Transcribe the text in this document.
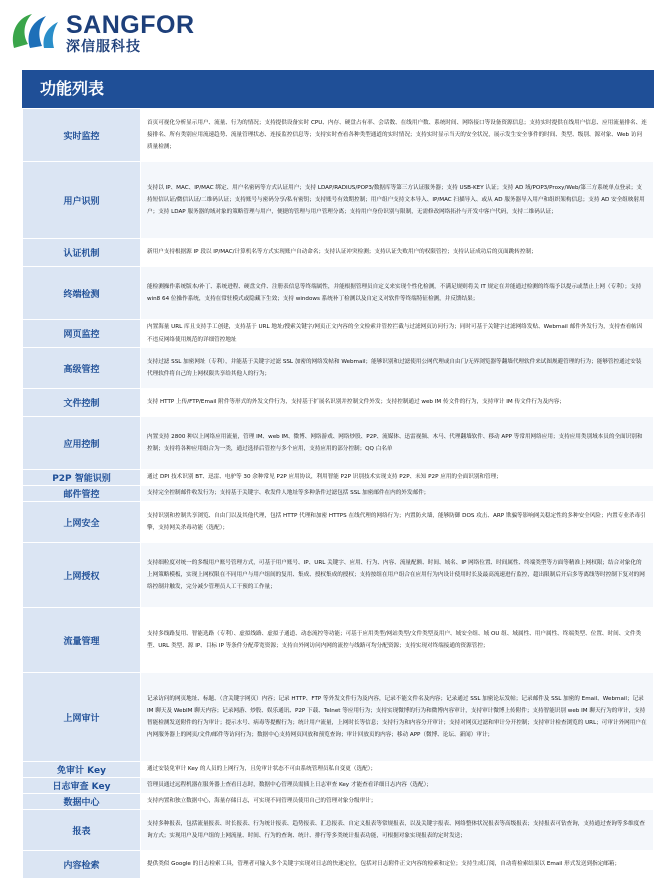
SANGFOR
深信服科技
功能列表
实时监控	首页可视化分析显示用户、流量、行为的情况；支持提供设备实时 CPU、内存、硬盘占有率、会话数、在线用户数、系统时间、网络接口等设备资源信息；支持实时提供在线用户信息、应用流量排名、连接排名、所有类别应用流速趋势、流量管理状态、连接监控信息等；支持实时查看各种类型通道的实时情况；支持实时显示当天的安全状况，展示发生安全事件的时间、类型、级别、源对象、Web 访问质量检测；
用户识别	支持以 IP、MAC、IP/MAC 绑定、用户名密码等方式认证用户；支持 LDAP/RADIUS/POP3/数据库等第三方认证服务器；支持 USB-KEY 认证；支持 AD 域/POP3/Proxy/Web/第三方系统单点登录；支持短信认证/微信认证/二维码认证；支持账号与密码分享/私有密钥；支持账号有效期控制；用户组户支持文本导入、IP/MAC 扫描导入、或从 AD 服务器导入用户和组织架构信息；支持 AD 安全组映射用户；支持 LDAP 服务器的域对象的策略管理与用户，便捷的管理与用户管理分离；支持用户身份识别与限制，无需修改网络拓扑与开发中客户代码，支持二维码认证；
认证机制	新用户支持根据源 IP 段以 IP/MAC/计算机名等方式实现账户自动命名；支持认证冲突检测；支持认证失败用户的权限管控；支持认证成功后的页面跳转控制；
终端检测	能检测操作系统版本/补丁、系统进程、硬盘文件、注册表信息等终端属性，并能根据管理员自定义来实现个性化检测，不满足规则将关 IT 规定在并能通过检测的终端予以提示或禁止上网（专利）；支持 win8 64 位操作系统，支持在常驻模式或隐藏下生效；支持 windows 系统补丁检测以及自定义对软件等终端特征检测，并反馈结果；
网页监控	内置海量 URL 库且支持手工创建，支持基于 URL 地址/搜索关键字/网页正文内容的全文检索并管控拦截与过滤网页访问行为；同时可基于关键字过滤网络发贴、Webmail 邮件外发行为，支持查看帖因不违反网络使用规范的详细管控地址
高级管控	支持过滤 SSL 加密网址（专利），并能基于关键字过滤 SSL 加密的网络发帖和 Webmail；能够识别和过滤使用公网代理或自由门/无界浏览器等翻墙代理软件来试图规避管理的行为；能够管控通过安装代理软件将自己的上网权限共享给其他人的行为；
文件控制	支持 HTTP 上传/FTP/Email 附件等形式的外发文件行为，支持基于扩展名识别并控制文件外发；支持控制通过 web IM 传文件的行为，支持审计 IM 传文件行为及内容；
应用控制	内置支持 2800 种以上网络应用流量，管理 IM、web IM、微博、网络游戏、网络炒股、P2P、流媒体、迅雷视频、木马、代理翻墙软件、移动 APP 等常用网络应用；支持应用类别域本员的全面识别和控制；支持将各种应用组合为一类，通过选择后管控与多个应用，支持应用的部分控制；QQ 白名单
P2P 智能识别	通过 DPI 技术识别 BT、迅雷、电驴等 30 余种常见 P2P 应用协议，利用智能 P2P 识别技术实现支持 P2P、未知 P2P 应用的全面识别和管理；
邮件管控	支持完全控制邮件收发行为；支持基于关键字、收发件人地址等多种条件过滤包括 SSL 加密邮件在内的外发邮件；
上网安全	支持识别和控制共享浏览、自由门以及其他代理，包括 HTTP 代理和加密 HTTPS 在线代理的网络行为；内置防火墙，能够防御 DOS 攻击、ARP 欺骗等影响网关稳定性的多种安全风险；内置专业杀毒引擎，支持网关杀毒功能（选配）；
上网授权	支持细粒度对统一的多级用户账号管理方式，可基于用户账号、IP、URL 关键字、应用、行为、内容、流量配额、时间、域名、IP 网络位置、时间属性、终端类型等方面等精准上网权限；结合对象化的上网策略模板，实现上网权限在不同用户与用户组间的复用、集成、授权集成的授权；支持按组在用户组合在应用行为内设计使用时长及最高流速进行监控，超出限制后开启多等离线等时控制下复对的网络控制并触发，完分减少管理员人工干预的工作量；
流量管理	支持多线路复用、智能选路（专利）、虚拟线路、虚拟子通道、动态流控等功能；可基于应用类型/网站类型/文件类型及用户、域安全组、域 OU 组、域属性、用户属性、终端类型、位置、时间、文件类型、URL 类型、源 IP、目标 IP 等条件分配带宽资源；支持自外网访问内网的流控与线路可均分配资源；支持实现对终端接通的资源管控；
上网审计	记录访问的网页地址、标题、（含关键字网页）内容；记录 HTTP、FTP 等外发文件行为及内容，记录不能文件名及内容；记录通过 SSL 加密论坛发帖；记录邮件及 SSL 加密的 Email、Webmail；记录 IM 聊天及 WebIM 聊天内容；记录网游、炒股、娱乐通讯、P2P 下载、Telnet 等应用行为；支持实现微博的行为和微博内容审计，支持审计微博上传附件；支持智能识别 web IM 聊天行为的审计，支持智能检测发送附件的行为审计；提示水号、病毒等提醒行为；统计用户流量，上网时长等信息；支持行为和内容分开审计；支持对网页过滤和审计分开控制；支持审计检查浏览的 URL；可审计外网用户在内网服务器上的网页/文件/邮件等访问行为；数据中心支持网页回放和预览查询；审计回放页的内容；移动 APP（微博、论坛、新闻）审计；
免审计 Key	通过安装免审计 Key 的人员的上网行为，且免审计状态不可由系统管理员私自变更（选配）；
日志审查 Key	管理员通过远程机器在服务器上查看日志时，数据中心管理员需插上日志审查 Key 才能查看详细日志内容（选配）；
数据中心	支持内置和独立数据中心，海量存储日志，可实现不同管理员使用自己的管理对象分级审计；
报表	支持多种报表，包括流量报表、时长报表、行为统计报表、趋势报表、汇总报表、自定义报表等常规报表，以及关键字报表、网络整体状况报表等高级报表；支持报表可钻查询，支持通过查询等多维度查询方式；实现用户及用户组的上网流量、时间、行为的查询、统计、排行等多类统计报表功能，可根据对象实现报表的定时发送；
内容检索	提供类似 Google 的日志检索工具，管理者可输入多个关键字实现对日志的快速定位，包括对日志附件正文内容的检索和定位；支持生成订阅，自动将检索结果以 Email 形式发送到指定邮箱；
